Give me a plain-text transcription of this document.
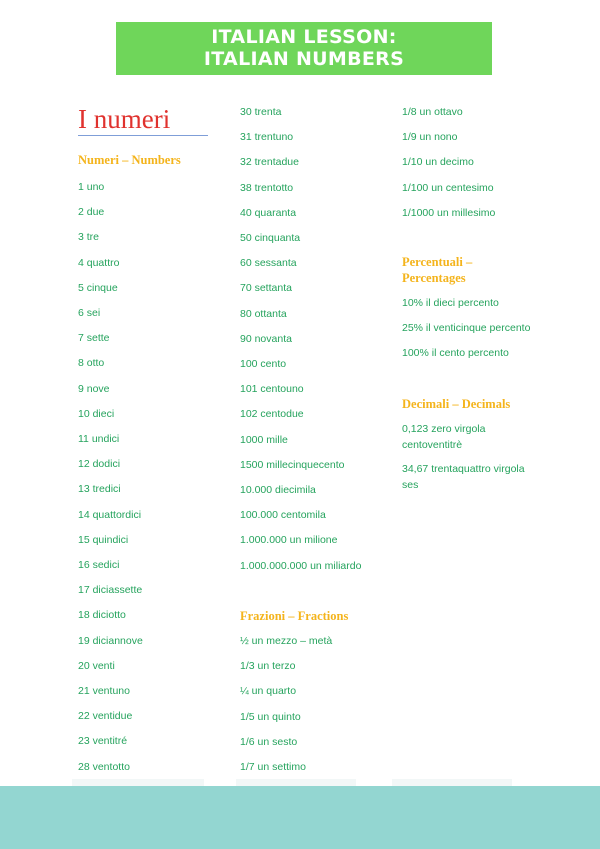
ITALIAN LESSON:
ITALIAN NUMBERS
I numeri
Numeri – Numbers
1 uno
2 due
3 tre
4 quattro
5 cinque
6 sei
7 sette
8 otto
9 nove
10 dieci
11 undici
12 dodici
13 tredici
14 quattordici
15 quindici
16 sedici
17 diciassette
18 diciotto
19 diciannove
20 venti
21 ventuno
22 ventidue
23 ventitré
28 ventotto
30 trenta
31 trentuno
32 trentadue
38 trentotto
40 quaranta
50 cinquanta
60 sessanta
70 settanta
80 ottanta
90 novanta
100 cento
101 centouno
102 centodue
1000 mille
1500 millecinquecento
10.000 diecimila
100.000 centomila
1.000.000 un milione
1.000.000.000 un miliardo
Frazioni – Fractions
½ un mezzo – metà
1/3 un terzo
¼ un quarto
1/5 un quinto
1/6 un sesto
1/7 un settimo
1/8 un ottavo
1/9 un nono
1/10 un decimo
1/100 un centesimo
1/1000 un millesimo
Percentuali –
Percentages
10% il dieci percento
25% il venticinque percento
100% il cento percento
Decimali – Decimals
0,123 zero virgola centoventitrè
34,67 trentaquattro virgola ses
